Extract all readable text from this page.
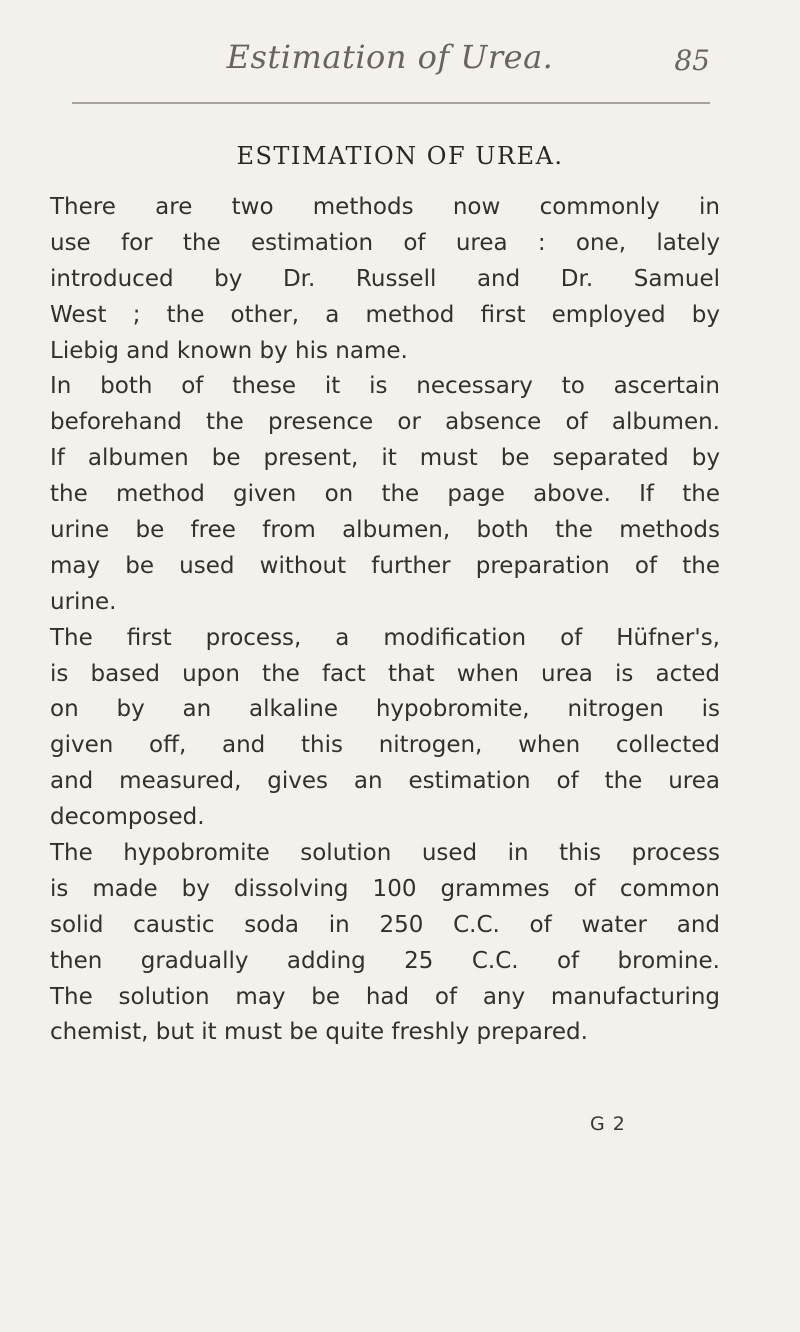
Estimation of Urea.	85
ESTIMATION OF UREA.
There are two methods now commonly in
use for the estimation of urea : one, lately
introduced by Dr. Russell and Dr. Samuel
West ; the other, a method first employed by
Liebig and known by his name.
In both of these it is necessary to ascertain
beforehand the presence or absence of albumen.
If albumen be present, it must be separated by
the method given on the page above. If the
urine be free from albumen, both the methods
may be used without further preparation of the
urine.
The first process, a modification of Hüfner's,
is based upon the fact that when urea is acted
on by an alkaline hypobromite, nitrogen is
given off, and this nitrogen, when collected
and measured, gives an estimation of the urea
decomposed.
The hypobromite solution used in this process
is made by dissolving 100 grammes of common
solid caustic soda in 250 C.C. of water and
then gradually adding 25 C.C. of bromine.
The solution may be had of any manufacturing
chemist, but it must be quite freshly prepared.
G 2
